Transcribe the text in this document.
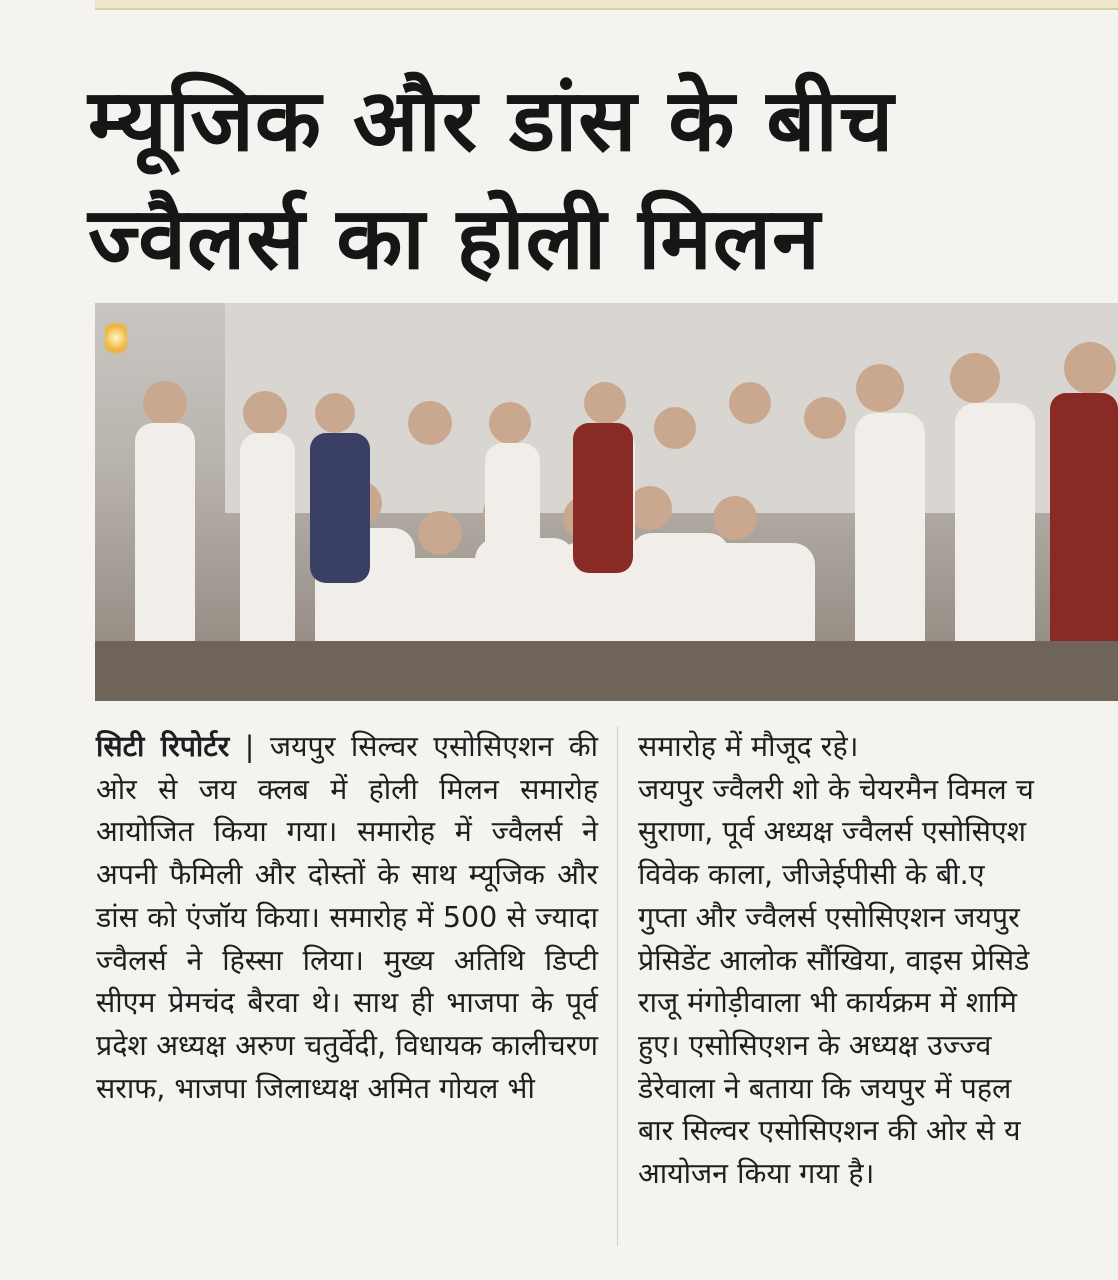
म्यूजिक और डांस के बीच
ज्वैलर्स का होली मिलन

सिटी रिपोर्टर | जयपुर सिल्वर एसोसिएशन की ओर से जय क्लब में होली मिलन समारोह आयोजित किया गया। समारोह में ज्वैलर्स ने अपनी फैमिली और दोस्तों के साथ म्यूजिक और डांस को एंजॉय किया। समारोह में 500 से ज्यादा ज्वैलर्स ने हिस्सा लिया। मुख्य अतिथि डिप्टी सीएम प्रेमचंद बैरवा थे। साथ ही भाजपा के पूर्व प्रदेश अध्यक्ष अरुण चतुर्वेदी, विधायक कालीचरण सराफ, भाजपा जिलाध्यक्ष अमित गोयल भी

समारोह में मौजूद रहे।
जयपुर ज्वैलरी शो के चेयरमैन विमल च
सुराणा, पूर्व अध्यक्ष ज्वैलर्स एसोसिएश
विवेक काला, जीजेईपीसी के बी.ए
गुप्ता और ज्वैलर्स एसोसिएशन जयपुर
प्रेसिडेंट आलोक सौंखिया, वाइस प्रेसिडे
राजू मंगोड़ीवाला भी कार्यक्रम में शामि
हुए। एसोसिएशन के अध्यक्ष उज्ज्व
डेरेवाला ने बताया कि जयपुर में पहल
बार सिल्वर एसोसिएशन की ओर से य
आयोजन किया गया है।
